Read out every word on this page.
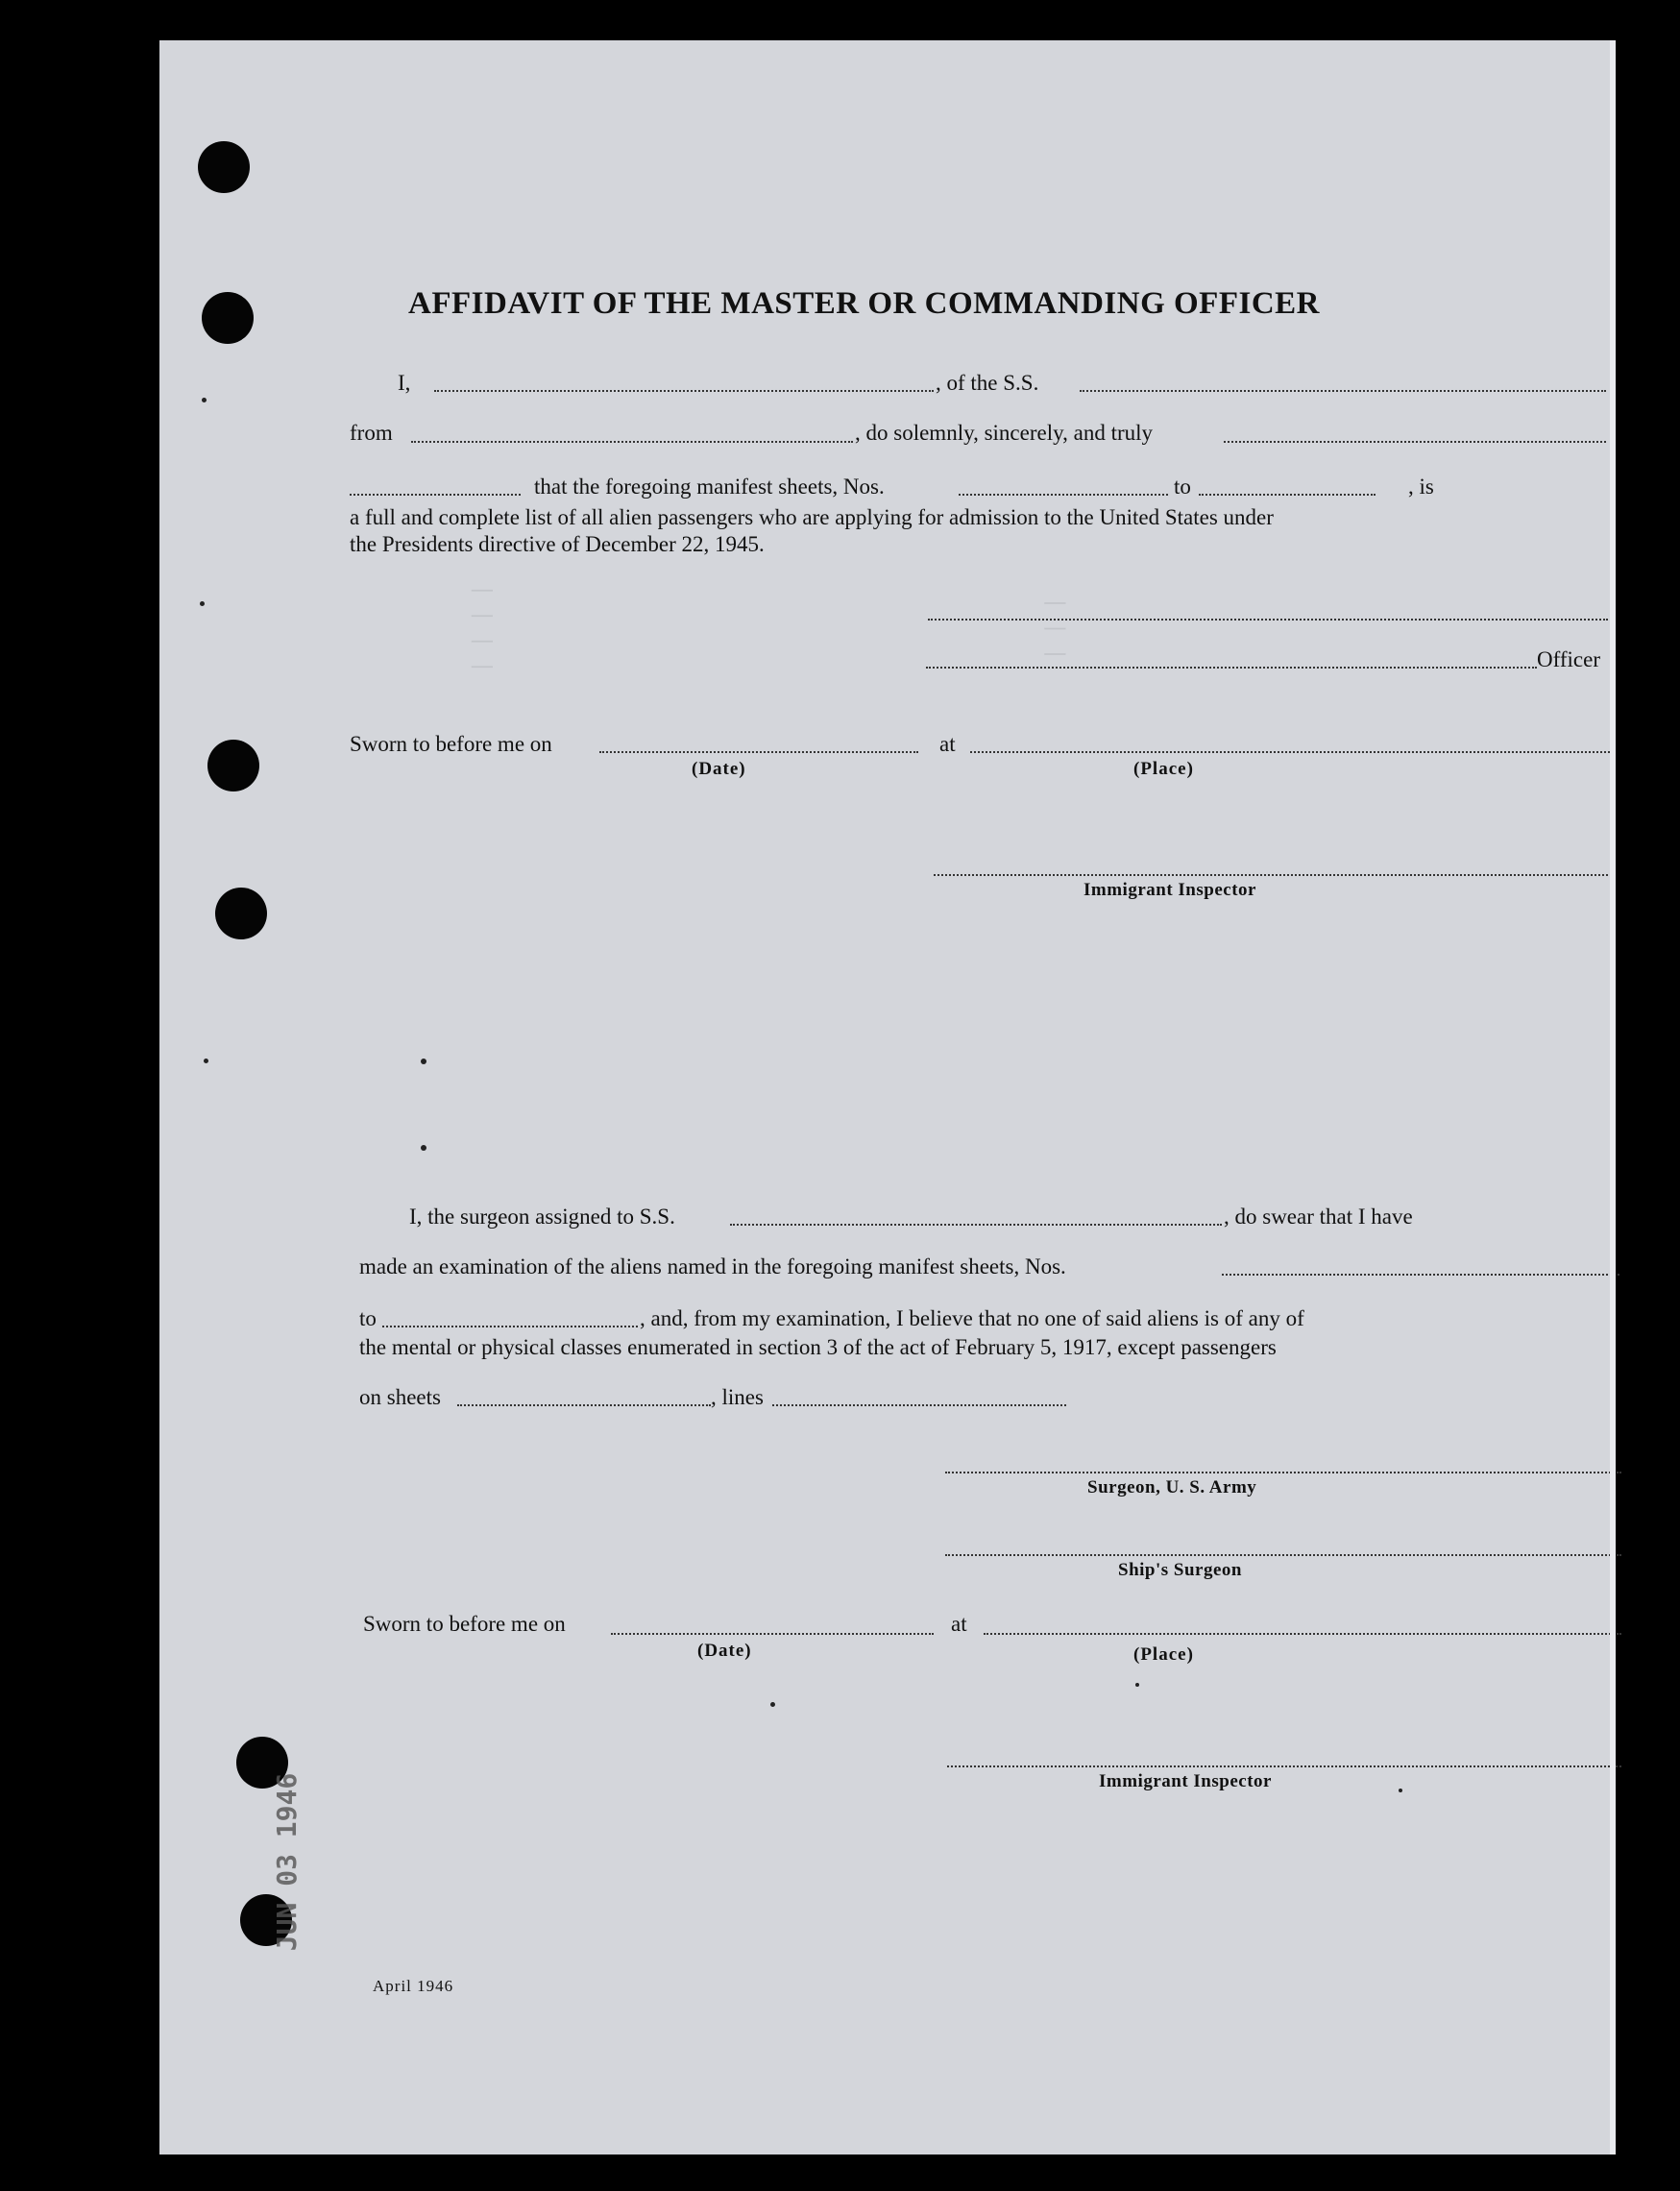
| | | |	| | |
AFFIDAVIT OF THE MASTER OR COMMANDING OFFICER
I,	, of the S.S.
from	, do solemnly, sincerely, and truly
that the foregoing manifest sheets, Nos.	to	, is
a full and complete list of all alien passengers who are applying for admission to the United States under
the Presidents directive of December 22, 1945.
Officer
Sworn to before me on	at
(Date)	(Place)
Immigrant Inspector
I, the surgeon assigned to S.S.	, do swear that I have
made an examination of the aliens named in the foregoing manifest sheets, Nos.
to	, and, from my examination, I believe that no one of said aliens is of any of
the mental or physical classes enumerated in section 3 of the act of February 5, 1917, except passengers
on sheets	, lines
Surgeon, U. S. Army
Ship's Surgeon
Sworn to before me on	at
(Date)	(Place)
Immigrant Inspector
JUN 03 1946
April 1946
